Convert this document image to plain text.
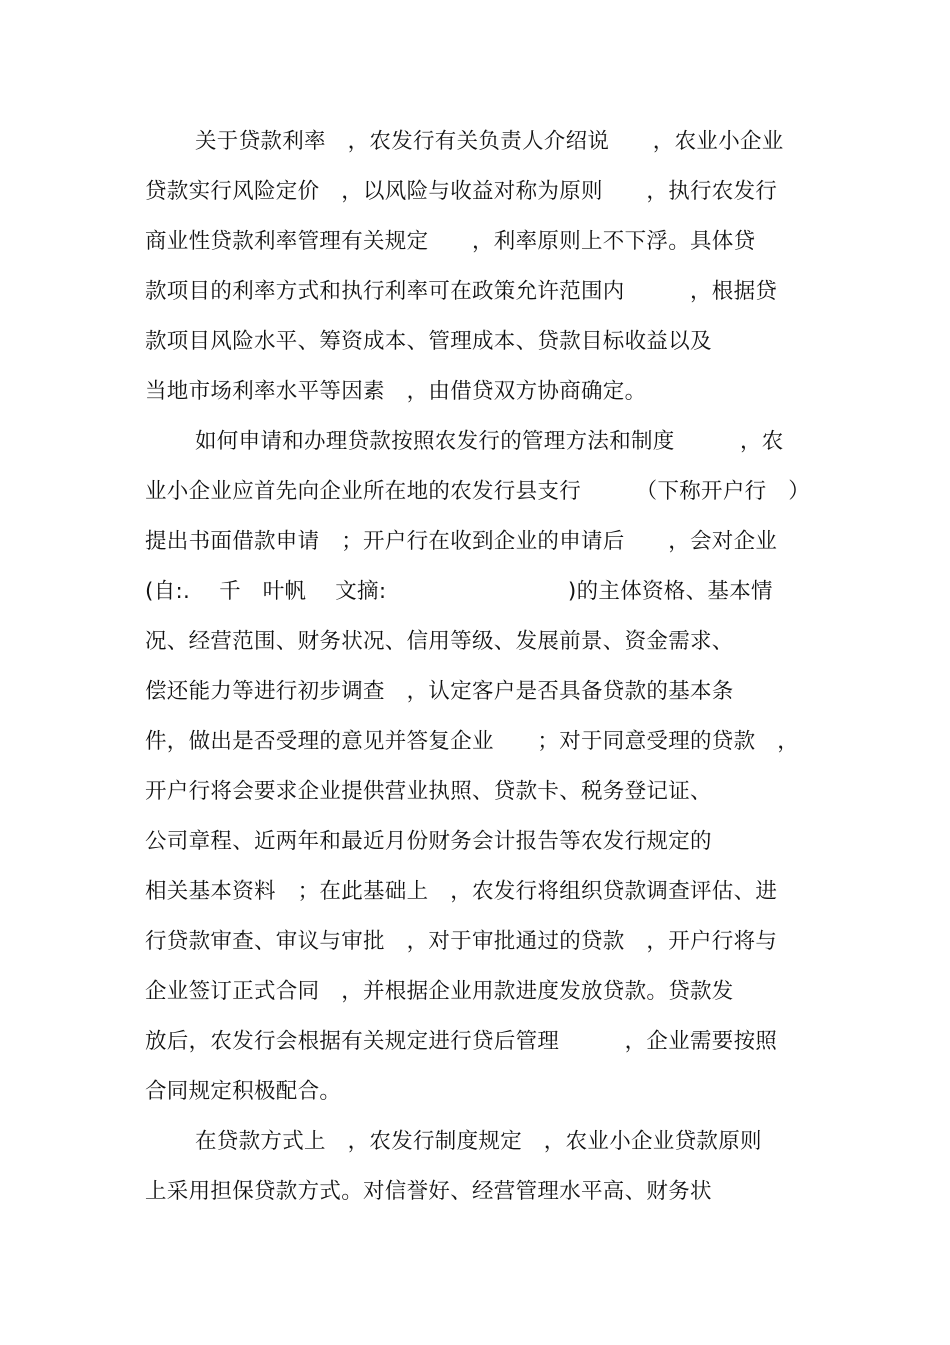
关于贷款利率　，农发行有关负责人介绍说　　，农业小企业
贷款实行风险定价　，以风险与收益对称为原则　　，执行农发行
商业性贷款利率管理有关规定　　，利率原则上不下浮。具体贷
款项目的利率方式和执行利率可在政策允许范围内　　　，根据贷
款项目风险水平、筹资成本、管理成本、贷款目标收益以及
当地市场利率水平等因素　，由借贷双方协商确定。
如何申请和办理贷款按照农发行的管理方法和制度　　　，农
业小企业应首先向企业所在地的农发行县支行　　　（下称开户行　）
提出书面借款申请　；开户行在收到企业的申请后　　，会对企业
(自:.　 千　叶帆　 文摘:　　　　　　　　 )的主体资格、基本情
况、经营范围、财务状况、信用等级、发展前景、资金需求、
偿还能力等进行初步调查　，认定客户是否具备贷款的基本条
件，做出是否受理的意见并答复企业　　；对于同意受理的贷款　，
开户行将会要求企业提供营业执照、贷款卡、税务登记证、
公司章程、近两年和最近月份财务会计报告等农发行规定的
相关基本资料　；在此基础上　，农发行将组织贷款调查评估、进
行贷款审查、审议与审批　，对于审批通过的贷款　，开户行将与
企业签订正式合同　，并根据企业用款进度发放贷款。贷款发
放后，农发行会根据有关规定进行贷后管理　　　，企业需要按照
合同规定积极配合。
在贷款方式上　，农发行制度规定　，农业小企业贷款原则
上采用担保贷款方式。对信誉好、经营管理水平高、财务状
